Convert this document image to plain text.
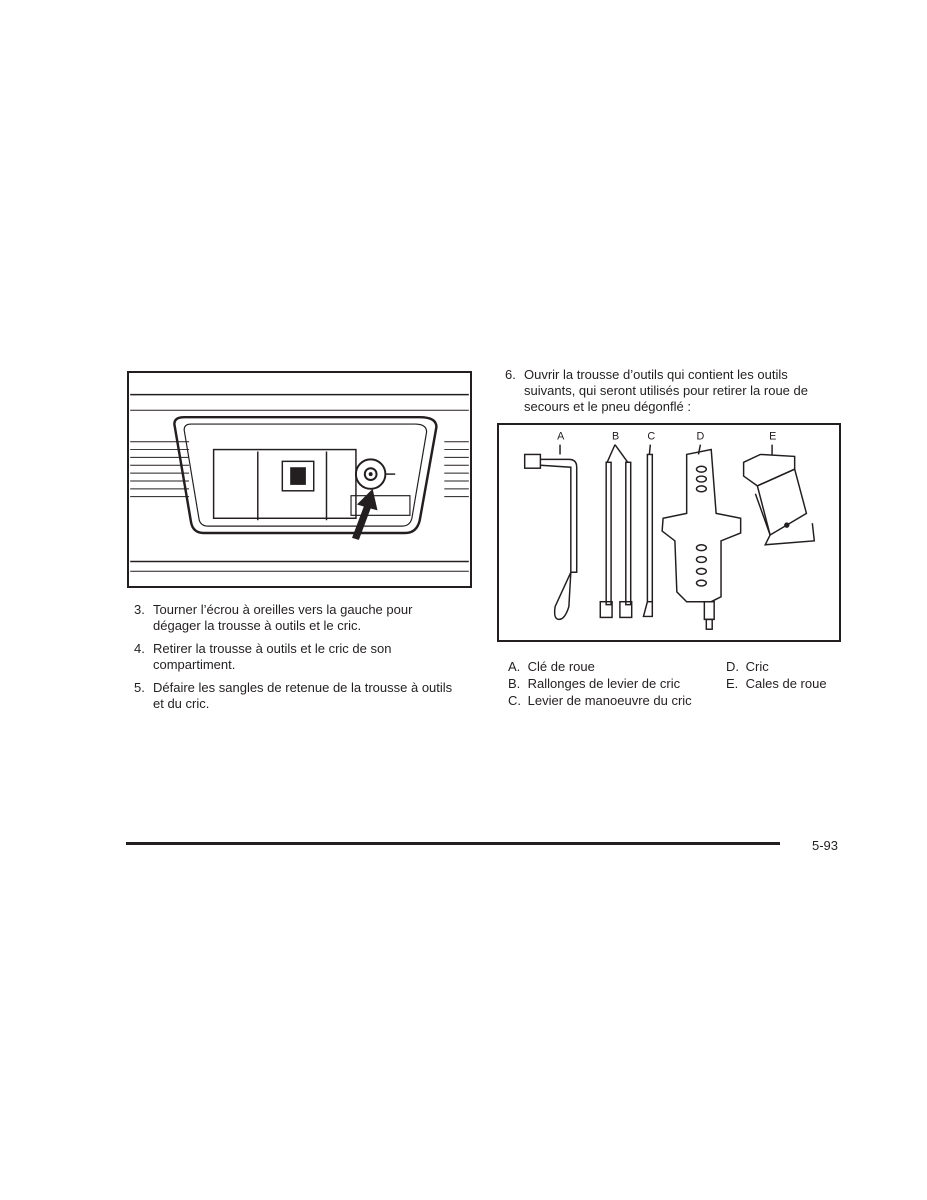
A	B	C	D	E
3. Tourner l’écrou à oreilles vers la gauche pour dégager la trousse à outils et le cric.
4. Retirer la trousse à outils et le cric de son compartiment.
5. Défaire les sangles de retenue de la trousse à outils et du cric.
6. Ouvrir la trousse d’outils qui contient les outils suivants, qui seront utilisés pour retirer la roue de secours et le pneu dégonflé :
A. Clé de roue
B. Rallonges de levier de cric
C. Levier de manoeuvre du cric
D. Cric
E. Cales de roue
5-93
